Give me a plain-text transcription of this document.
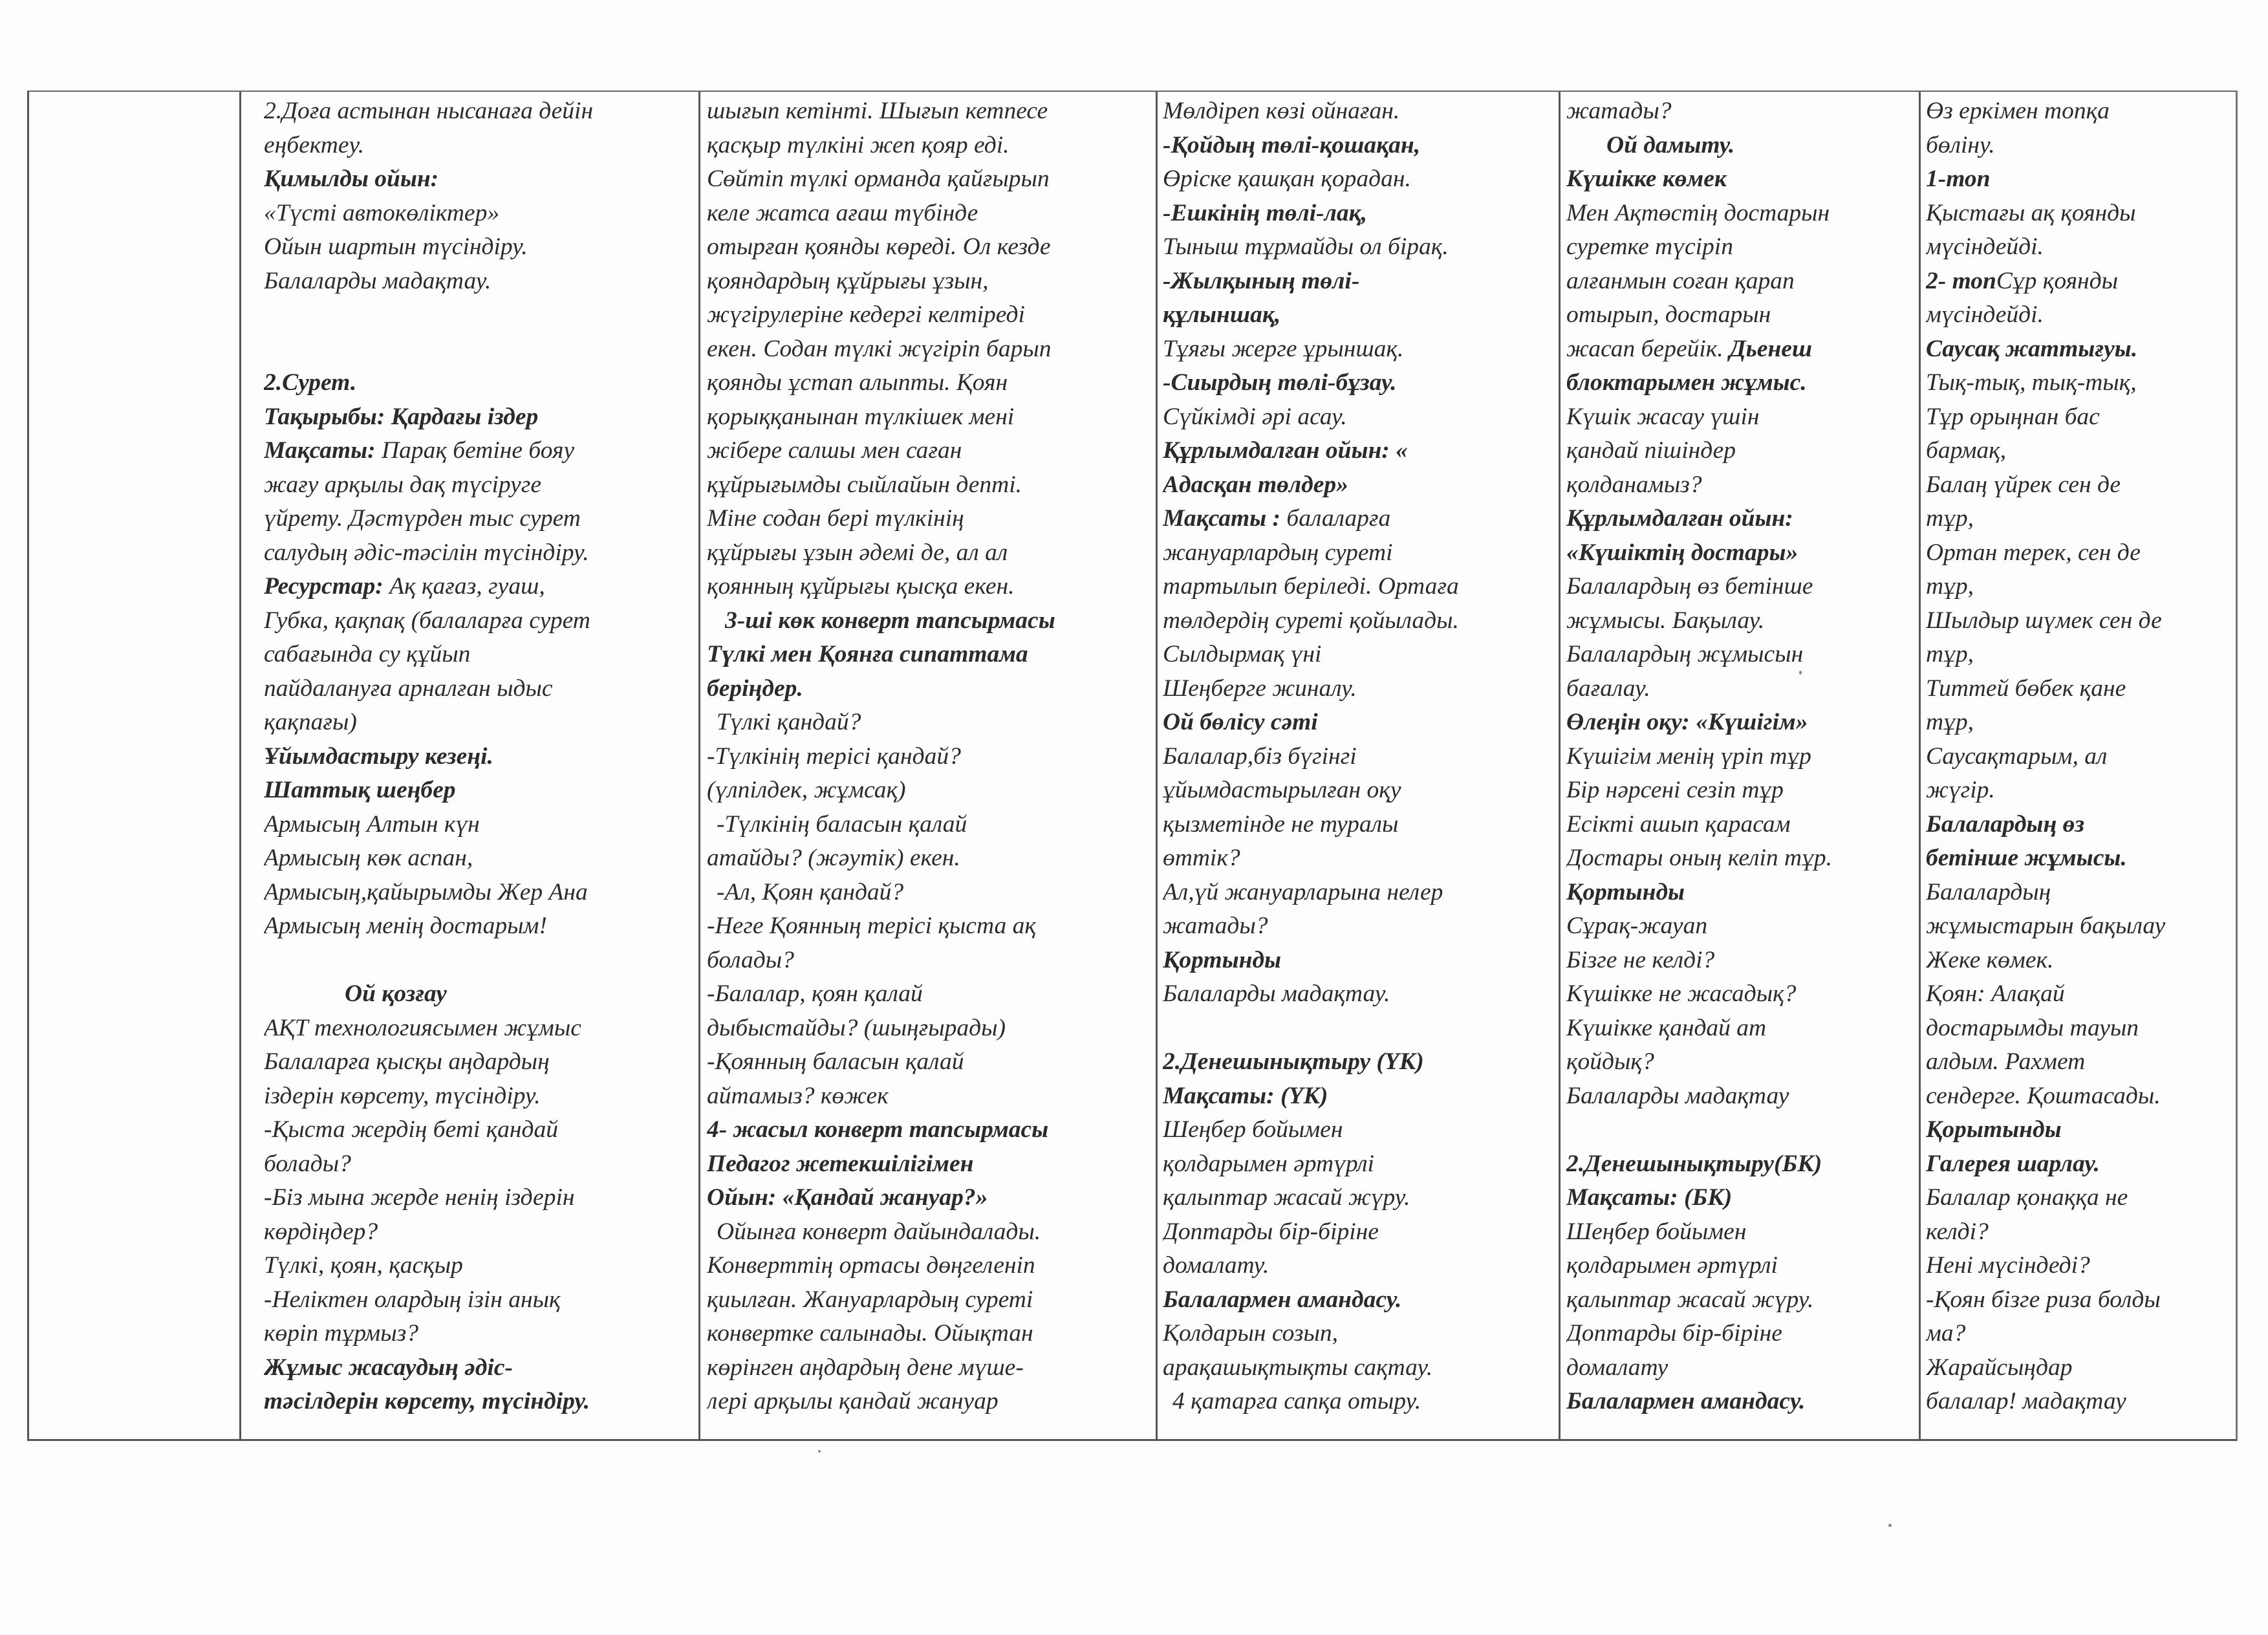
2.Доға астынан нысанаға дейін
еңбектеу.
Қимылды ойын:
«Түсті автокөліктер»
Ойын шартын түсіндіру.
Балаларды мадақтау.
2.Сурет.
Тақырыбы: Қардағы іздер
Мақсаты: Парақ бетіне бояу
жағу арқылы дақ түсіруге
үйрету. Дәстүрден тыс сурет
салудың әдіс-тәсілін түсіндіру.
Ресурстар: Ақ қағаз, гуаш,
Губка, қақпақ (балаларға сурет
сабағында су құйып
пайдалануға арналған ыдыс
қақпағы)
Ұйымдастыру кезеңі.
Шаттық шеңбер
Армысың Алтын күн
Армысың көк аспан,
Армысың,қайырымды Жер Ана
Армысың менің достарым!
Ой қозғау
АҚТ технологиясымен жұмыс
Балаларға қысқы аңдардың
іздерін көрсету, түсіндіру.
-Қыста жердің беті қандай
болады?
-Біз мына жерде ненің іздерін
көрдіңдер?
Түлкі, қоян, қасқыр
-Неліктен олардың ізін анық
көріп тұрмыз?
Жұмыс жасаудың әдіс-
тәсілдерін көрсету, түсіндіру.
шығып кетінті. Шығып кетпесе
қасқыр түлкіні жеп қояр еді.
Сөйтіп түлкі орманда қайғырып
келе жатса ағаш түбінде
отырған қоянды көреді. Ол кезде
қояндардың құйрығы ұзын,
жүгірулеріне кедергі келтіреді
екен. Содан түлкі жүгіріп барып
қоянды ұстап алыпты. Қоян
қорыққанынан түлкішек мені
жібере салшы мен саған
құйрығымды сыйлайын депті.
Міне содан бері түлкінің
құйрығы ұзын әдемі де, ал ал
қоянның құйрығы қысқа екен.
3-ші көк конверт тапсырмасы
Түлкі мен Қоянға сипаттама
беріңдер.
Түлкі қандай?
-Түлкінің терісі қандай?
(үлпілдек, жұмсақ)
-Түлкінің баласын қалай
атайды? (жәутік) екен.
-Ал, Қоян қандай?
-Неге Қоянның терісі қыста ақ
болады?
-Балалар, қоян қалай
дыбыстайды? (шыңғырады)
-Қоянның баласын қалай
айтамыз? көжек
4- жасыл конверт тапсырмасы
Педагог жетекшілігімен
Ойын: «Қандай жануар?»
Ойынға конверт дайындалады.
Конверттің ортасы дөңгеленіп
қиылған. Жануарлардың суреті
конвертке салынады. Ойықтан
көрінген аңдардың дене мүше-
лері арқылы қандай жануар
Мөлдіреп көзі ойнаған.
-Қойдың төлі-қошақан,
Өріске қашқан қорадан.
-Ешкінің төлі-лақ,
Тыныш тұрмайды ол бірақ.
-Жылқының төлі-
құлыншақ,
Тұяғы жерге ұрыншақ.
-Сиырдың төлі-бұзау.
Сүйкімді әрі асау.
Құрлымдалған ойын: «
Адасқан төлдер»
Мақсаты : балаларға
жануарлардың суреті
тартылып беріледі. Ортаға
төлдердің суреті қойылады.
Сылдырмақ үні
Шеңберге жиналу.
Ой бөлісу сәті
Балалар,біз бүгінгі
ұйымдастырылған оқу
қызметінде не туралы
өттік?
Ал,үй жануарларына нелер
жатады?
Қортынды
Балаларды мадақтау.
2.Денешынықтыру (ҮК)
Мақсаты: (ҮК)
Шеңбер бойымен
қолдарымен әртүрлі
қалыптар жасай жүру.
Доптарды бір-біріне
домалату.
Балалармен амандасу.
Қолдарын созып,
арақашықтықты сақтау.
4 қатарға сапқа отыру.
жатады?
Ой дамыту.
Күшікке көмек
Мен Ақтөстің достарын
суретке түсіріп
алғанмын соған қарап
отырып, достарын
жасап берейік. Дьенеш
блоктарымен жұмыс.
Күшік жасау үшін
қандай пішіндер
қолданамыз?
Құрлымдалған ойын:
«Күшіктің достары»
Балалардың өз бетінше
жұмысы. Бақылау.
Балалардың жұмысын
бағалау.
Өлеңін оқу: «Күшігім»
Күшігім менің үріп тұр
Бір нәрсені сезіп тұр
Есікті ашып қарасам
Достары оның келіп тұр.
Қортынды
Сұрақ-жауап
Бізге не келді?
Күшікке не жасадық?
Күшікке қандай ат
қойдық?
Балаларды мадақтау
2.Денешынықтыру(БК)
Мақсаты: (БК)
Шеңбер бойымен
қолдарымен әртүрлі
қалыптар жасай жүру.
Доптарды бір-біріне
домалату
Балалармен амандасу.
Өз еркімен топқа
бөліну.
1-топ
Қыстағы ақ қоянды
мүсіндейді.
2- топСұр қоянды
мүсіндейді.
Саусақ жаттығуы.
Тық-тық, тық-тық,
Тұр орыңнан бас
бармақ,
Балаң үйрек сен де
тұр,
Ортан терек, сен де
тұр,
Шылдыр шүмек сен де
тұр,
Титтей бөбек қане
тұр,
Саусақтарым, ал
жүгір.
Балалардың өз
бетінше жұмысы.
Балалардың
жұмыстарын бақылау
Жеке көмек.
Қоян: Алақай
достарымды тауып
алдым. Рахмет
сендерге. Қоштасады.
Қорытынды
Галерея шарлау.
Балалар қонаққа не
келді?
Нені мүсіндеді?
-Қоян бізге риза болды
ма?
Жарайсыңдар
балалар! мадақтау
